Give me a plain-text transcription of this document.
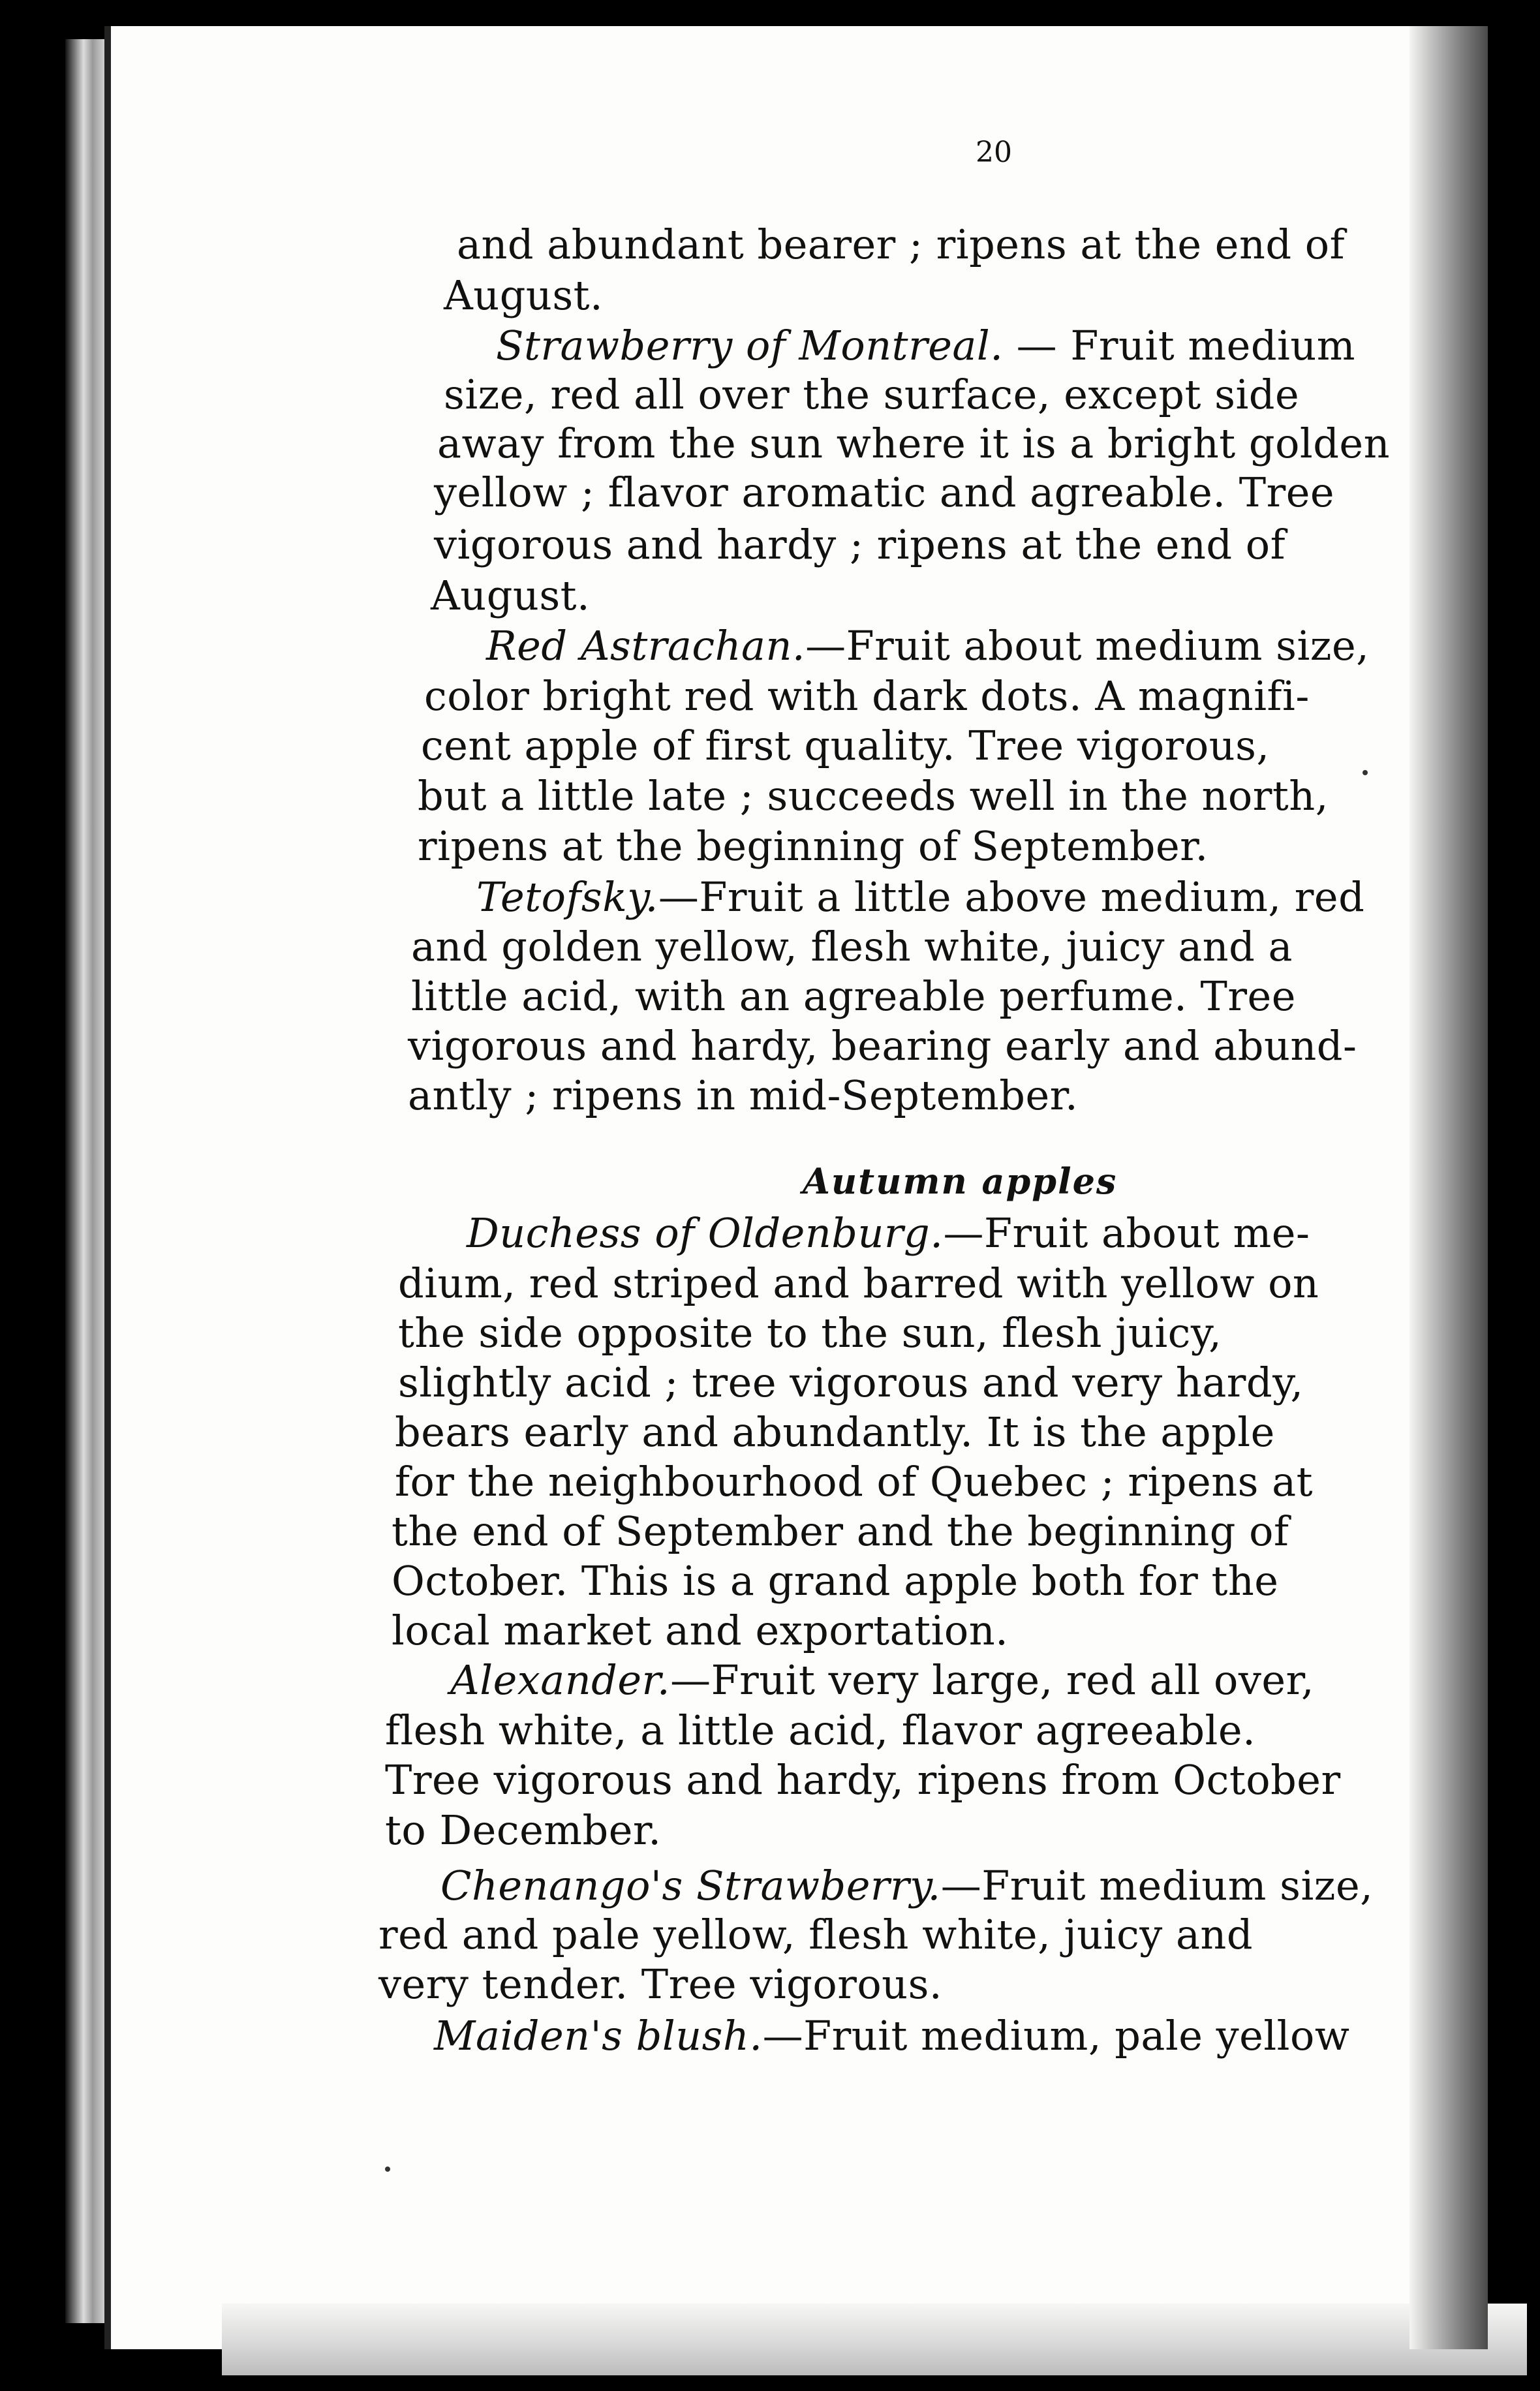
20
Autumn apples
and abundant bearer ; ripens at the end of
August.
Strawberry of Montreal. — Fruit medium
size, red all over the surface, except side
away from the sun where it is a bright golden
yellow ; flavor aromatic and agreable. Tree
vigorous and hardy ; ripens at the end of
August.
Red Astrachan.—Fruit about medium size,
color bright red with dark dots. A magnifi-
cent apple of first quality. Tree vigorous,
but a little late ; succeeds well in the north,
ripens at the beginning of September.
Tetofsky.—Fruit a little above medium, red
and golden yellow, flesh white, juicy and a
little acid, with an agreable perfume. Tree
vigorous and hardy, bearing early and abund-
antly ; ripens in mid-September.
Duchess of Oldenburg.—Fruit about me-
dium, red striped and barred with yellow on
the side opposite to the sun, flesh juicy,
slightly acid ; tree vigorous and very hardy,
bears early and abundantly. It is the apple
for the neighbourhood of Quebec ; ripens at
the end of September and the beginning of
October. This is a grand apple both for the
local market and exportation.
Alexander.—Fruit very large, red all over,
flesh white, a little acid, flavor agreeable.
Tree vigorous and hardy, ripens from October
to December.
Chenango's Strawberry.—Fruit medium size,
red and pale yellow, flesh white, juicy and
very tender. Tree vigorous.
Maiden's blush.—Fruit medium, pale yellow
